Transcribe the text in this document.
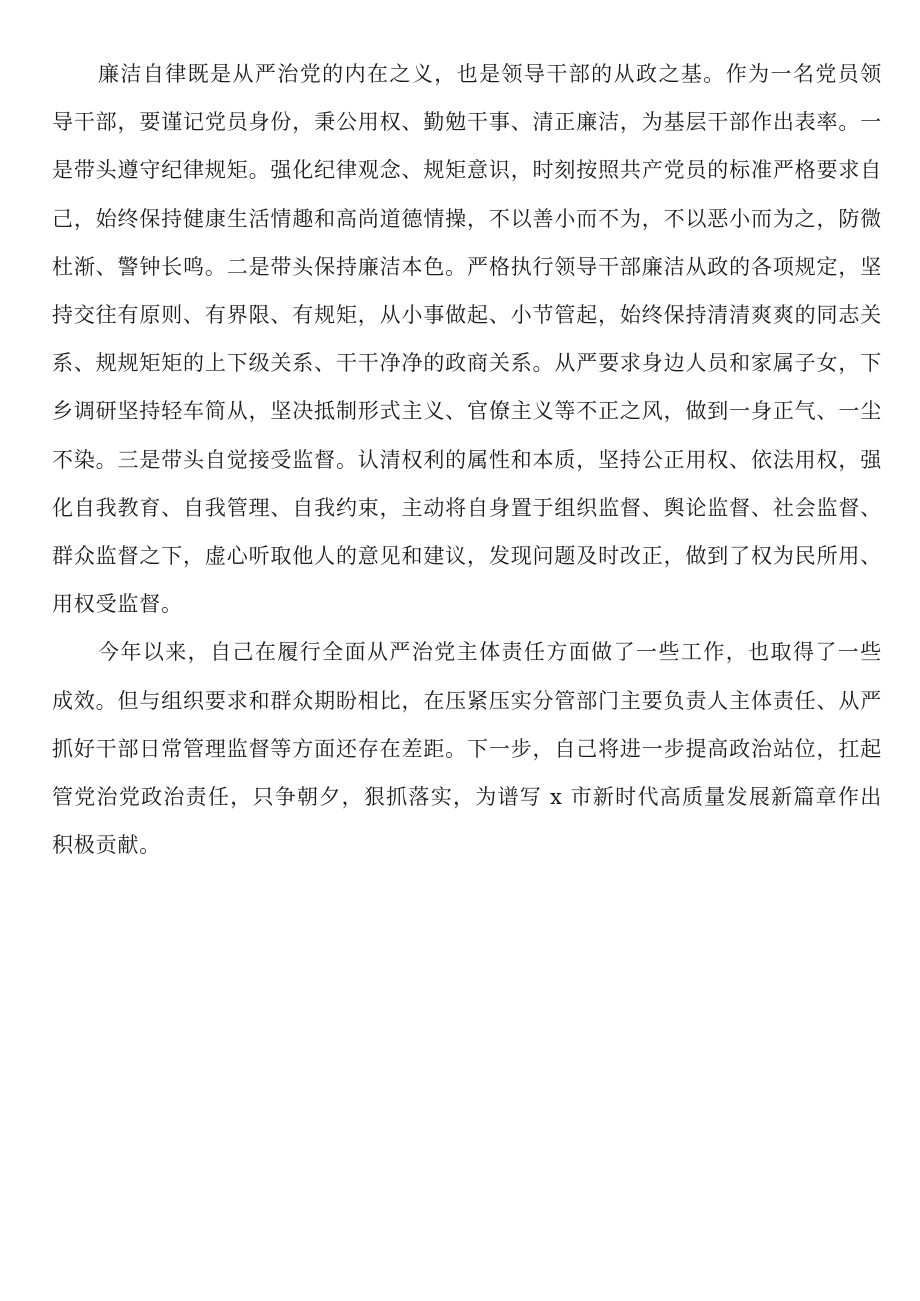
廉洁自律既是从严治党的内在之义，也是领导干部的从政之基。作为一名党员领导干部，要谨记党员身份，秉公用权、勤勉干事、清正廉洁，为基层干部作出表率。一是带头遵守纪律规矩。强化纪律观念、规矩意识，时刻按照共产党员的标准严格要求自己，始终保持健康生活情趣和高尚道德情操，不以善小而不为，不以恶小而为之，防微杜渐、警钟长鸣。二是带头保持廉洁本色。严格执行领导干部廉洁从政的各项规定，坚持交往有原则、有界限、有规矩，从小事做起、小节管起，始终保持清清爽爽的同志关系、规规矩矩的上下级关系、干干净净的政商关系。从严要求身边人员和家属子女，下乡调研坚持轻车简从，坚决抵制形式主义、官僚主义等不正之风，做到一身正气、一尘不染。三是带头自觉接受监督。认清权利的属性和本质，坚持公正用权、依法用权，强化自我教育、自我管理、自我约束，主动将自身置于组织监督、舆论监督、社会监督、群众监督之下，虚心听取他人的意见和建议，发现问题及时改正，做到了权为民所用、用权受监督。

今年以来，自己在履行全面从严治党主体责任方面做了一些工作，也取得了一些成效。但与组织要求和群众期盼相比，在压紧压实分管部门主要负责人主体责任、从严抓好干部日常管理监督等方面还存在差距。下一步，自己将进一步提高政治站位，扛起管党治党政治责任，只争朝夕，狠抓落实，为谱写 x 市新时代高质量发展新篇章作出积极贡献。
